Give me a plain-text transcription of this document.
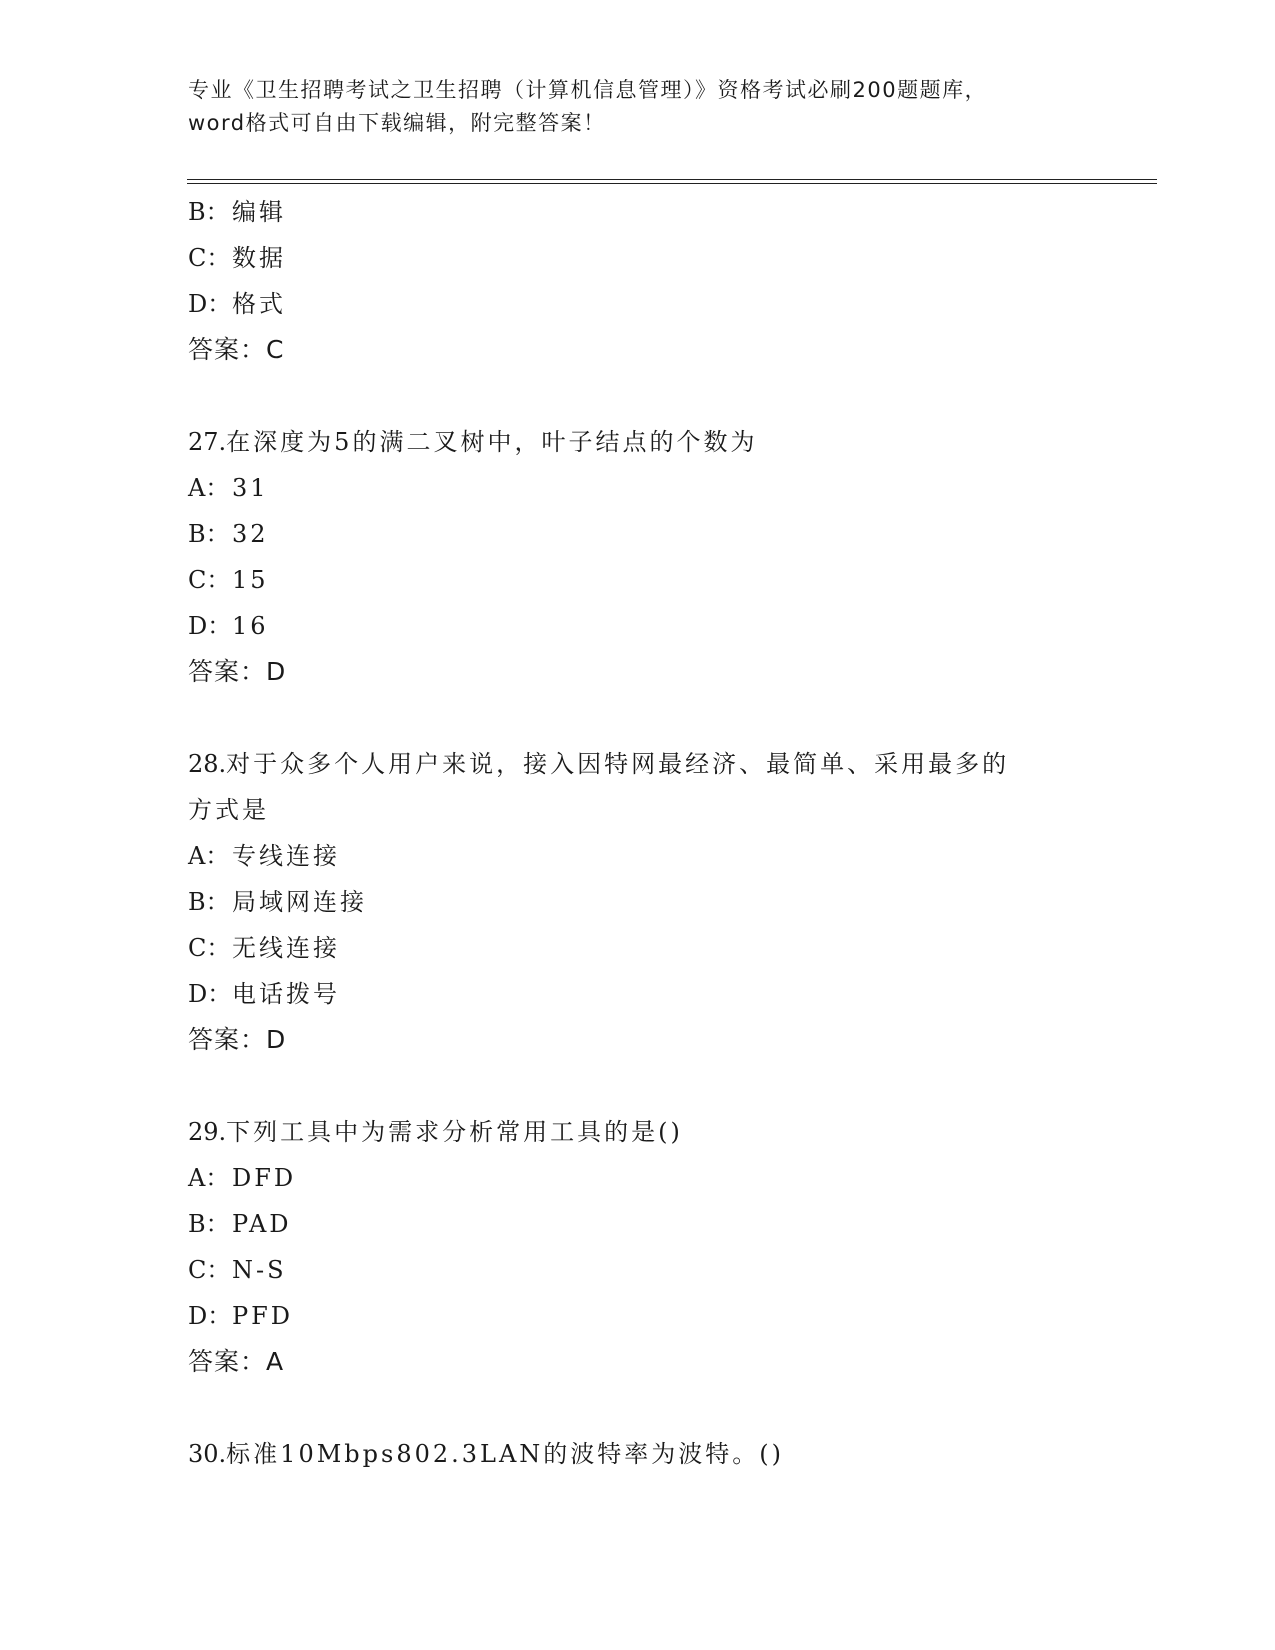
专业《卫生招聘考试之卫生招聘（计算机信息管理）》资格考试必刷200题题库，
word格式可自由下载编辑，附完整答案！
B：编辑
C：数据
D：格式
答案：C
27.在深度为5的满二叉树中，叶子结点的个数为
A： 31
B：32
C：15
D：16
答案：D
28.对于众多个人用户来说，接入因特网最经济、最简单、采用最多的
方式是
A： 专线连接
B：局域网连接
C：无线连接
D：电话拨号
答案：D
29.下列工具中为需求分析常用工具的是()
A： DFD
B：PAD
C：N-S
D：PFD
答案：A
30.标准10Mbps802.3LAN的波特率为波特。()
